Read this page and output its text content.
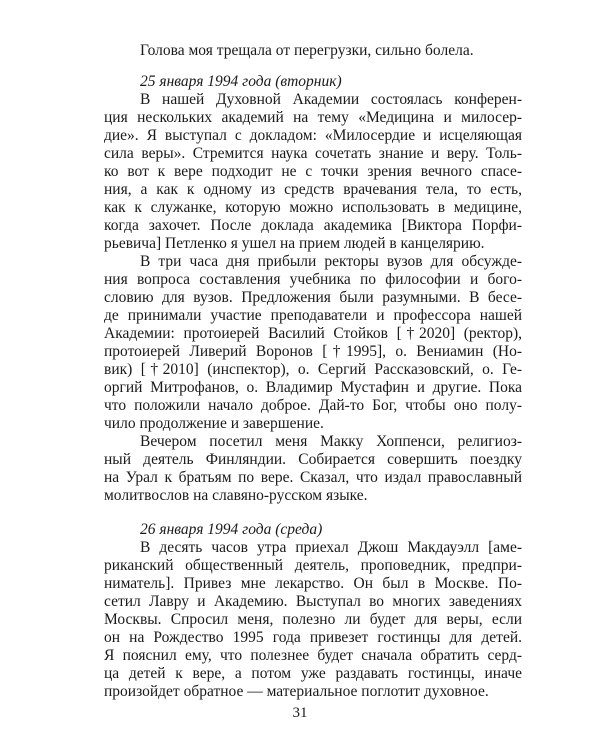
Голова моя трещала от перегрузки, сильно болела.
25 января 1994 года (вторник)
В нашей Духовной Академии состоялась конферен-
ция нескольких академий на тему «Медицина и милосер-
дие». Я выступал с докладом: «Милосердие и исцеляющая
сила веры». Стремится наука сочетать знание и веру. Толь-
ко вот к вере подходит не с точки зрения вечного спасе-
ния, а как к одному из средств врачевания тела, то есть,
как к служанке, которую можно использовать в медицине,
когда захочет. После доклада академика [Виктора Порфи-
рьевича] Петленко я ушел на прием людей в канцелярию.
В три часа дня прибыли ректоры вузов для обсужде-
ния вопроса составления учебника по философии и бого-
словию для вузов. Предложения были разумными. В бесе-
де принимали участие преподаватели и профессора нашей
Академии: протоиерей Василий Стойков [†2020] (ректор),
протоиерей Ливерий Воронов [†1995], о. Вениамин (Но-
вик) [†2010] (инспектор), о. Сергий Рассказовский, о. Ге-
оргий Митрофанов, о. Владимир Мустафин и другие. Пока
что положили начало доброе. Дай-то Бог, чтобы оно полу-
чило продолжение и завершение.
Вечером посетил меня Макку Хоппенси, религиоз-
ный деятель Финляндии. Собирается совершить поездку
на Урал к братьям по вере. Сказал, что издал православный
молитвослов на славяно-русском языке.
26 января 1994 года (среда)
В десять часов утра приехал Джош Макдауэлл [аме-
риканский общественный деятель, проповедник, предпри-
ниматель]. Привез мне лекарство. Он был в Москве. По-
сетил Лавру и Академию. Выступал во многих заведениях
Москвы. Спросил меня, полезно ли будет для веры, если
он на Рождество 1995 года привезет гостинцы для детей.
Я пояснил ему, что полезнее будет сначала обратить серд-
ца детей к вере, а потом уже раздавать гостинцы, иначе
произойдет обратное — материальное поглотит духовное.
31
